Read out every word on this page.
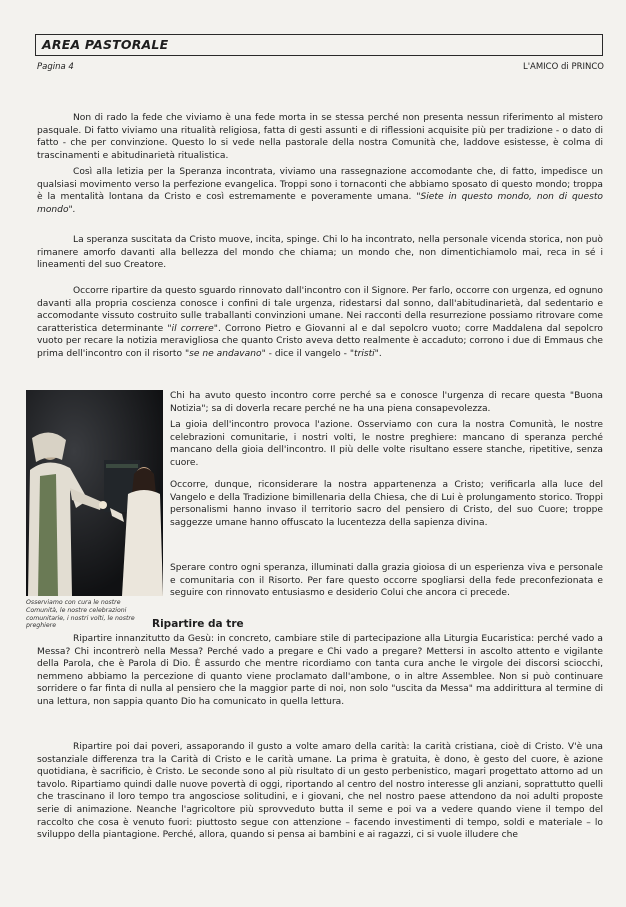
AREA PASTORALE
Pagina 4	L'AMICO di PRINCO

Non di rado la fede che viviamo è una fede morta in se stessa perché non presenta nessun riferimento al mistero pasquale. Di fatto viviamo una ritualità religiosa, fatta di gesti assunti e di riflessioni acquisite più per tradizione - o dato di fatto - che per convinzione. Questo lo si vede nella pastorale della nostra Comunità che, laddove esistesse, è colma di trascinamenti e abitudinarietà ritualistica.

Così alla letizia per la Speranza incontrata, viviamo una rassegnazione accomodante che, di fatto, impedisce un qualsiasi movimento verso la perfezione evangelica. Troppi sono i tornaconti che abbiamo sposato di questo mondo; troppa è la mentalità lontana da Cristo e così estremamente e poveramente umana. "Siete in questo mondo, non di questo mondo".

La speranza suscitata da Cristo muove, incita, spinge. Chi lo ha incontrato, nella personale vicenda storica, non può rimanere amorfo davanti alla bellezza del mondo che chiama; un mondo che, non dimentichiamolo mai, reca in sé i lineamenti del suo Creatore.

Occorre ripartire da questo sguardo rinnovato dall'incontro con il Signore. Per farlo, occorre con urgenza, ed ognuno davanti alla propria coscienza conosce i confini di tale urgenza, ridestarsi dal sonno, dall'abitudinarietà, dal sedentario e accomodante vissuto costruito sulle traballanti convinzioni umane. Nei racconti della resurrezione possiamo ritrovare come caratteristica determinante "il correre". Corrono Pietro e Giovanni al e dal sepolcro vuoto; corre Maddalena dal sepolcro vuoto per recare la notizia meravigliosa che quanto Cristo aveva detto realmente è accaduto; corrono i due di Emmaus che prima dell'incontro con il risorto "se ne andavano" - dice il vangelo - "tristi".

Osserviamo con cura le nostre Comunità, le nostre celebrazioni comunitarie, i nostri volti, le nostre preghiere

Chi ha avuto questo incontro corre perché sa e conosce l'urgenza di recare questa "Buona Notizia"; sa di doverla recare perché ne ha una piena consapevolezza.

La gioia dell'incontro provoca l'azione. Osserviamo con cura la nostra Comunità, le nostre celebrazioni comunitarie, i nostri volti, le nostre preghiere: mancano di speranza perché mancano della gioia dell'incontro. Il più delle volte risultano essere stanche, ripetitive, senza cuore.

Occorre, dunque, riconsiderare la nostra appartenenza a Cristo; verificarla alla luce del Vangelo e della Tradizione bimillenaria della Chiesa, che di Lui è prolungamento storico. Troppi personalismi hanno invaso il territorio sacro del pensiero di Cristo, del suo Cuore; troppe saggezze umane hanno offuscato la lucentezza della sapienza divina.

Sperare contro ogni speranza, illuminati dalla grazia gioiosa di un esperienza viva e personale e comunitaria con il Risorto. Per fare questo occorre spogliarsi della fede preconfezionata e seguire con rinnovato entusiasmo e desiderio Colui che ancora ci precede.

Ripartire da tre

Ripartire innanzitutto da Gesù: in concreto, cambiare stile di partecipazione alla Liturgia Eucaristica: perché vado a Messa? Chi incontrerò nella Messa? Perché vado a pregare e Chi vado a pregare? Mettersi in ascolto attento e vigilante della Parola, che è Parola di Dio. È assurdo che mentre ricordiamo con tanta cura anche le virgole dei discorsi sciocchi, nemmeno abbiamo la percezione di quanto viene proclamato dall'ambone, o in altre Assemblee. Non si può continuare sorridere o far finta di nulla al pensiero che la maggior parte di noi, non solo "uscita da Messa" ma addirittura al termine di una lettura, non sappia quanto Dio ha comunicato in quella lettura.

Ripartire poi dai poveri, assaporando il gusto a volte amaro della carità: la carità cristiana, cioè di Cristo. V'è una sostanziale differenza tra la Carità di Cristo e le carità umane. La prima è gratuita, è dono, è gesto del cuore, è azione quotidiana, è sacrificio, è Cristo. Le seconde sono al più risultato di un gesto perbenistico, magari progettato attorno ad un tavolo. Ripartiamo quindi dalle nuove povertà di oggi, riportando al centro del nostro interesse gli anziani, soprattutto quelli che trascinano il loro tempo tra angosciose solitudini, e i giovani, che nel nostro paese attendono da noi adulti proposte serie di animazione. Neanche l'agricoltore più sprovveduto butta il seme e poi va a vedere quando viene il tempo del raccolto che cosa è venuto fuori: piuttosto segue con attenzione – facendo investimenti di tempo, soldi e materiale – lo sviluppo della piantagione. Perché, allora, quando si pensa ai bambini e ai ragazzi, ci si vuole illudere che
